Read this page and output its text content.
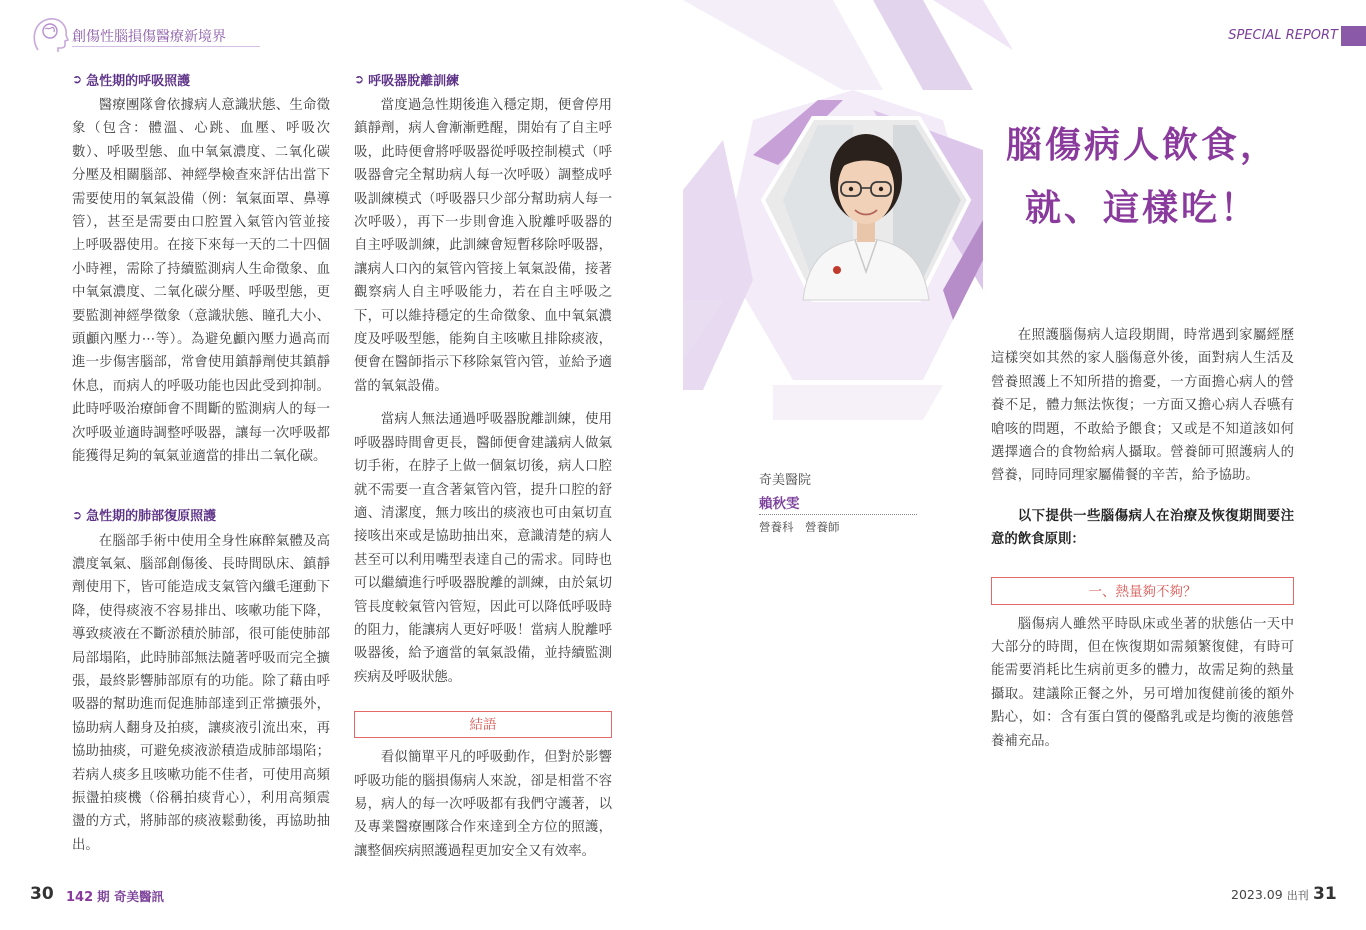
創傷性腦損傷醫療新境界
➲ 急性期的呼吸照護

醫療團隊會依據病人意識狀態、生命徵象（包含：體溫、心跳、血壓、呼吸次數）、呼吸型態、血中氧氣濃度、二氧化碳分壓及相關腦部、神經學檢查來評估出當下需要使用的氧氣設備（例：氧氣面罩、鼻導管），甚至是需要由口腔置入氣管內管並接上呼吸器使用。在接下來每一天的二十四個小時裡，需除了持續監測病人生命徵象、血中氧氣濃度、二氧化碳分壓、呼吸型態，更要監測神經學徵象（意識狀態、瞳孔大小、頭顱內壓力⋯等）。為避免顱內壓力過高而進一步傷害腦部，常會使用鎮靜劑使其鎮靜休息，而病人的呼吸功能也因此受到抑制。此時呼吸治療師會不間斷的監測病人的每一次呼吸並適時調整呼吸器，讓每一次呼吸都能獲得足夠的氧氣並適當的排出二氧化碳。

➲ 急性期的肺部復原照護

在腦部手術中使用全身性麻醉氣體及高濃度氧氣、腦部創傷後、長時間臥床、鎮靜劑使用下，皆可能造成支氣管內纖毛運動下降，使得痰液不容易排出、咳嗽功能下降，導致痰液在不斷淤積於肺部，很可能使肺部局部塌陷，此時肺部無法隨著呼吸而完全擴張，最終影響肺部原有的功能。除了藉由呼吸器的幫助進而促進肺部達到正常擴張外，協助病人翻身及拍痰，讓痰液引流出來，再協助抽痰，可避免痰液淤積造成肺部塌陷；若病人痰多且咳嗽功能不佳者，可使用高頻振盪拍痰機（俗稱拍痰背心），利用高頻震盪的方式，將肺部的痰液鬆動後，再協助抽出。

➲ 呼吸器脫離訓練

當度過急性期後進入穩定期，便會停用鎮靜劑，病人會漸漸甦醒，開始有了自主呼吸，此時便會將呼吸器從呼吸控制模式（呼吸器會完全幫助病人每一次呼吸）調整成呼吸訓練模式（呼吸器只少部分幫助病人每一次呼吸），再下一步則會進入脫離呼吸器的自主呼吸訓練，此訓練會短暫移除呼吸器，讓病人口內的氣管內管接上氧氣設備，接著觀察病人自主呼吸能力，若在自主呼吸之下，可以維持穩定的生命徵象、血中氧氣濃度及呼吸型態，能夠自主咳嗽且排除痰液，便會在醫師指示下移除氣管內管，並給予適當的氧氣設備。

當病人無法通過呼吸器脫離訓練，使用呼吸器時間會更長，醫師便會建議病人做氣切手術，在脖子上做一個氣切後，病人口腔就不需要一直含著氣管內管，提升口腔的舒適、清潔度，無力咳出的痰液也可由氣切直接咳出來或是協助抽出來，意識清楚的病人甚至可以利用嘴型表達自己的需求。同時也可以繼續進行呼吸器脫離的訓練，由於氣切管長度較氣管內管短，因此可以降低呼吸時的阻力，能讓病人更好呼吸！當病人脫離呼吸器後，給予適當的氧氣設備，並持續監測疾病及呼吸狀態。

結語

看似簡單平凡的呼吸動作，但對於影響呼吸功能的腦損傷病人來說，卻是相當不容易，病人的每一次呼吸都有我們守護著，以及專業醫療團隊合作來達到全方位的照護，讓整個疾病照護過程更加安全又有效率。

SPECIAL REPORT
腦傷病人飲食，
就、這樣吃！
奇美醫院
賴秋雯
營養科　營養師

在照護腦傷病人這段期間，時常遇到家屬經歷這樣突如其然的家人腦傷意外後，面對病人生活及營養照護上不知所措的擔憂，一方面擔心病人的營養不足，體力無法恢復；一方面又擔心病人吞嚥有嗆咳的問題，不敢給予餵食；又或是不知道該如何選擇適合的食物給病人攝取。營養師可照護病人的營養，同時同理家屬備餐的辛苦，給予協助。

以下提供一些腦傷病人在治療及恢復期間要注意的飲食原則：

一、熱量夠不夠？

腦傷病人雖然平時臥床或坐著的狀態佔一天中大部分的時間，但在恢復期如需頻繁復健，有時可能需要消耗比生病前更多的體力，故需足夠的熱量攝取。建議除正餐之外，另可增加復健前後的額外點心，如：含有蛋白質的優酪乳或是均衡的液態營養補充品。

30 142 期 奇美醫訊	2023.09 出刊 31
